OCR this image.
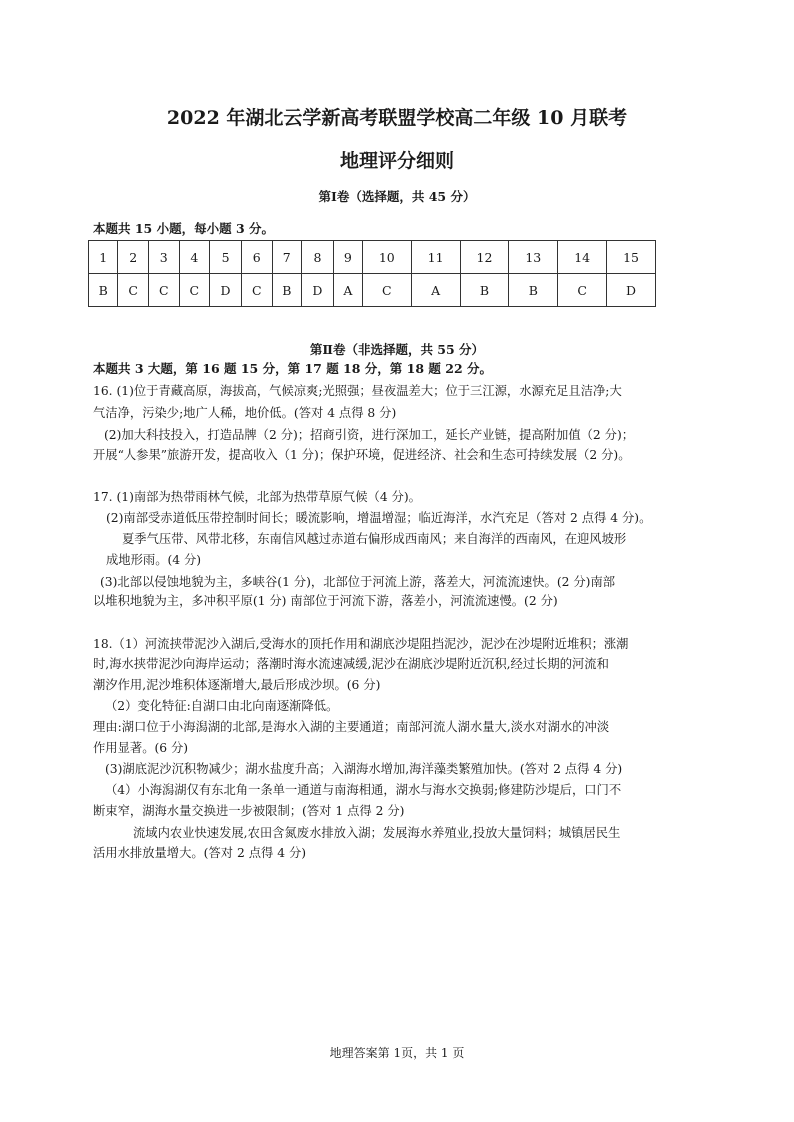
2022 年湖北云学新高考联盟学校高二年级 10 月联考
地理评分细则
第Ⅰ卷（选择题，共 45 分）
本题共 15 小题，每小题 3 分。
1	2	3	4	5	6	7	8	9	10	11	12	13	14	15
B	C	C	C	D	C	B	D	A	C	A	B	B	C	D
第Ⅱ卷（非选择题，共 55 分）
本题共 3 大题，第 16 题 15 分，第 17 题 18 分，第 18 题 22 分。
16. (1)位于青藏高原，海拔高，气候凉爽;光照强；昼夜温差大；位于三江源，水源充足且洁净;大
气洁净，污染少;地广人稀，地价低。(答对 4 点得 8 分)
(2)加大科技投入，打造品牌（2 分)；招商引资，进行深加工，延长产业链，提高附加值（2 分)；
开展“人参果”旅游开发，提高收入（1 分)；保护环境，促进经济、社会和生态可持续发展（2 分)。
17. (1)南部为热带雨林气候，北部为热带草原气候（4 分)。
(2)南部受赤道低压带控制时间长；暖流影响，增温增湿；临近海洋，水汽充足（答对 2 点得 4 分)。
夏季气压带、风带北移，东南信风越过赤道右偏形成西南风；来自海洋的西南风，在迎风坡形
成地形雨。(4 分)
(3)北部以侵蚀地貌为主，多峡谷(1 分)，北部位于河流上游，落差大，河流流速快。(2 分)南部
以堆积地貌为主，多冲积平原(1 分) 南部位于河流下游，落差小，河流流速慢。(2 分)
18.（1）河流挟带泥沙入湖后,受海水的顶托作用和湖底沙堤阻挡泥沙，泥沙在沙堤附近堆积；涨潮
时,海水挟带泥沙向海岸运动；落潮时海水流速减缓,泥沙在湖底沙堤附近沉积,经过长期的河流和
潮汐作用,泥沙堆积体逐渐增大,最后形成沙坝。(6 分)
（2）变化特征:自湖口由北向南逐渐降低。
理由:湖口位于小海潟湖的北部,是海水入湖的主要通道；南部河流人湖水量大,淡水对湖水的冲淡
作用显著。(6 分)
(3)湖底泥沙沉积物减少；湖水盐度升高；入湖海水增加,海洋藻类繁殖加快。(答对 2 点得 4 分)
（4）小海潟湖仅有东北角一条单一通道与南海相通，湖水与海水交换弱;修建防沙堤后，口门不
断束窄，湖海水量交换进一步被限制；(答对 1 点得 2 分)
流域内农业快速发展,农田含氮废水排放入湖；发展海水养殖业,投放大量饲料；城镇居民生
活用水排放量增大。(答对 2 点得 4 分)
地理答案第 1页，共 1 页
